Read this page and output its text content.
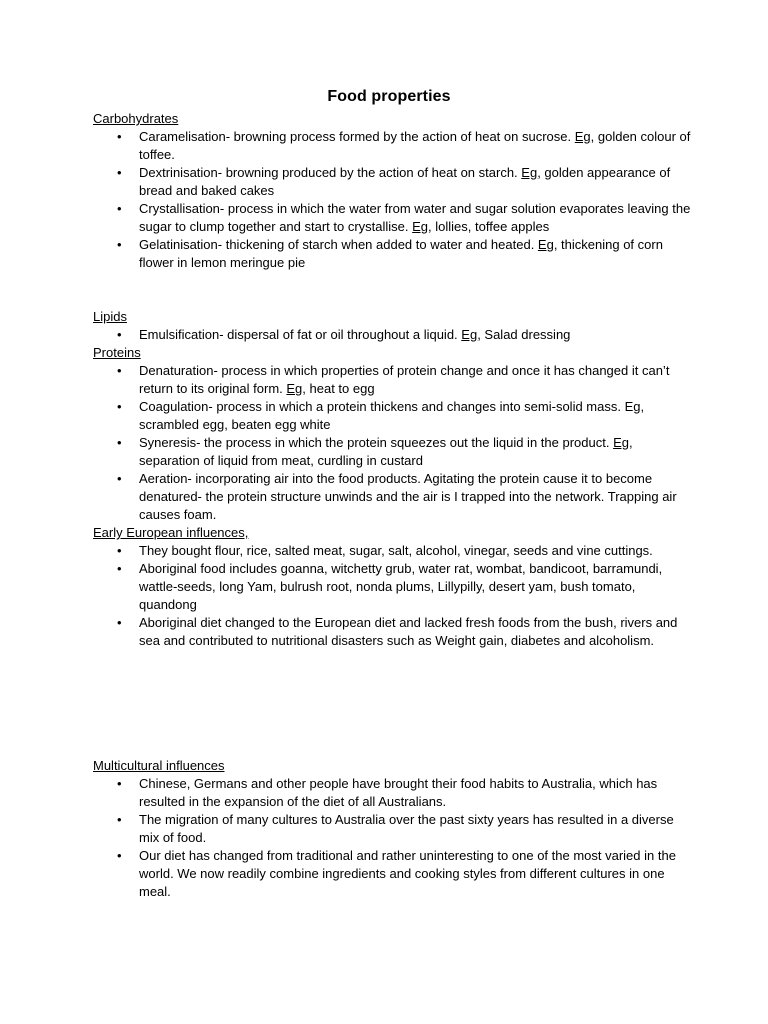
Food properties
Carbohydrates
• Caramelisation- browning process formed by the action of heat on sucrose. Eg, golden colour of toffee.
• Dextrinisation- browning produced by the action of heat on starch. Eg, golden appearance of bread and baked cakes
• Crystallisation- process in which the water from water and sugar solution evaporates leaving the sugar to clump together and start to crystallise. Eg, lollies, toffee apples
• Gelatinisation- thickening of starch when added to water and heated. Eg, thickening of corn flower in lemon meringue pie
Lipids
• Emulsification- dispersal of fat or oil throughout a liquid. Eg, Salad dressing
Proteins
• Denaturation- process in which properties of protein change and once it has changed it can’t return to its original form. Eg, heat to egg
• Coagulation- process in which a protein thickens and changes into semi-solid mass. Eg, scrambled egg, beaten egg white
• Syneresis- the process in which the protein squeezes out the liquid in the product. Eg, separation of liquid from meat, curdling in custard
• Aeration- incorporating air into the food products. Agitating the protein cause it to become denatured- the protein structure unwinds and the air is I trapped into the network. Trapping air causes foam.
Early European influences,
• They bought flour, rice, salted meat, sugar, salt, alcohol, vinegar, seeds and vine cuttings.
• Aboriginal food includes goanna, witchetty grub, water rat, wombat, bandicoot, barramundi, wattle-seeds, long Yam, bulrush root, nonda plums, Lillypilly, desert yam, bush tomato, quandong
• Aboriginal diet changed to the European diet and lacked fresh foods from the bush, rivers and sea and contributed to nutritional disasters such as Weight gain, diabetes and alcoholism.
Multicultural influences
• Chinese, Germans and other people have brought their food habits to Australia, which has resulted in the expansion of the diet of all Australians.
• The migration of many cultures to Australia over the past sixty years has resulted in a diverse mix of food.
• Our diet has changed from traditional and rather uninteresting to one of the most varied in the world. We now readily combine ingredients and cooking styles from different cultures in one meal.
